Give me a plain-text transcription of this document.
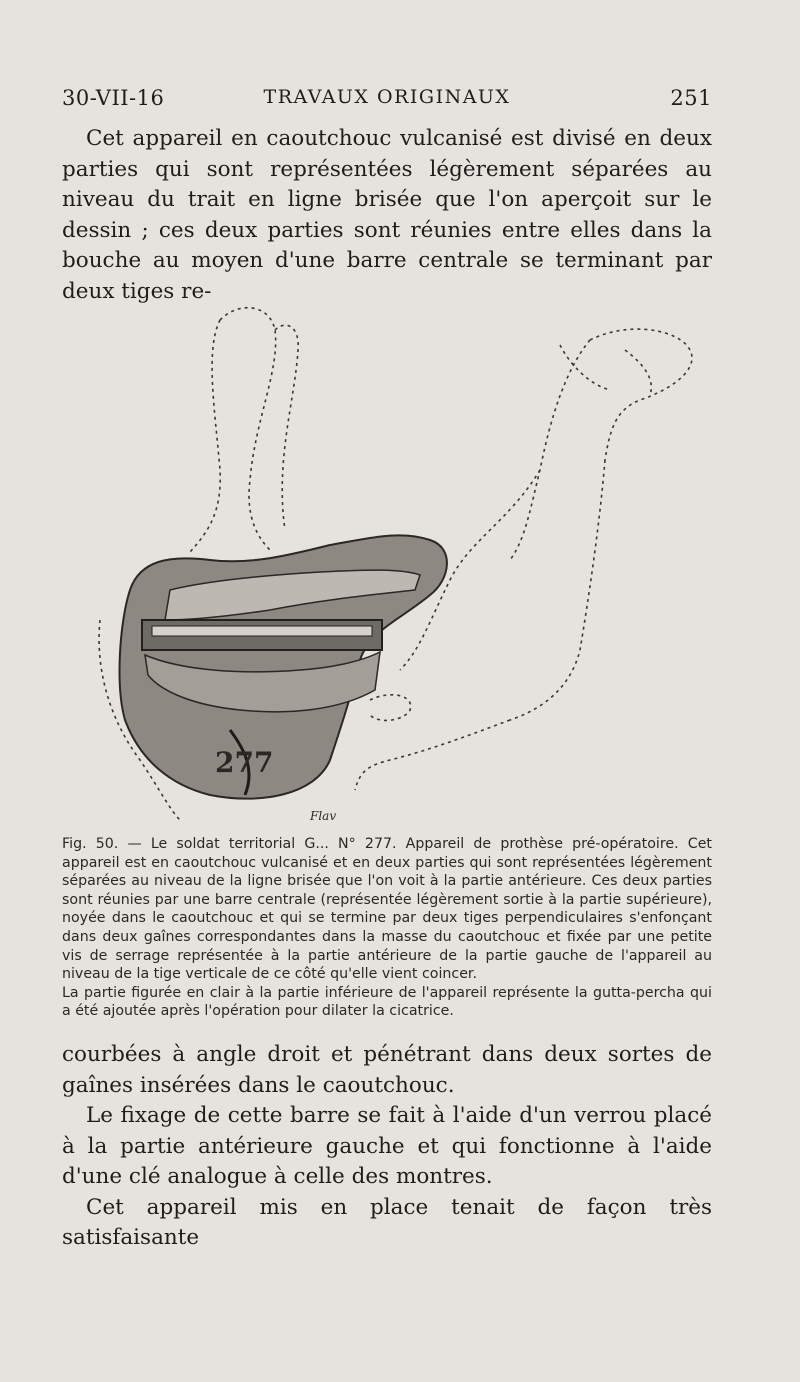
30-VII-16	TRAVAUX ORIGINAUX	251

Cet appareil en caoutchouc vulcanisé est divisé en deux parties qui sont représentées légèrement séparées au niveau du trait en ligne brisée que l'on aperçoit sur le dessin ; ces deux parties sont réunies entre elles dans la bouche au moyen d'une barre centrale se terminant par deux tiges re-

277
Flav

Fig. 50. — Le soldat territorial G... N° 277. Appareil de prothèse pré-opératoire. Cet appareil est en caoutchouc vulcanisé et en deux parties qui sont représentées légèrement séparées au niveau de la ligne brisée que l'on voit à la partie antérieure. Ces deux parties sont réunies par une barre centrale (représentée légèrement sortie à la partie supérieure), noyée dans le caoutchouc et qui se termine par deux tiges perpendiculaires s'enfonçant dans deux gaînes correspondantes dans la masse du caoutchouc et fixée par une petite vis de serrage représentée à la partie antérieure de la partie gauche de l'appareil au niveau de la tige verticale de ce côté qu'elle vient coincer.

La partie figurée en clair à la partie inférieure de l'appareil représente la gutta-percha qui a été ajoutée après l'opération pour dilater la cicatrice.

courbées à angle droit et pénétrant dans deux sortes de gaînes insérées dans le caoutchouc.

Le fixage de cette barre se fait à l'aide d'un verrou placé à la partie antérieure gauche et qui fonctionne à l'aide d'une clé analogue à celle des montres.

Cet appareil mis en place tenait de façon très satisfaisante
